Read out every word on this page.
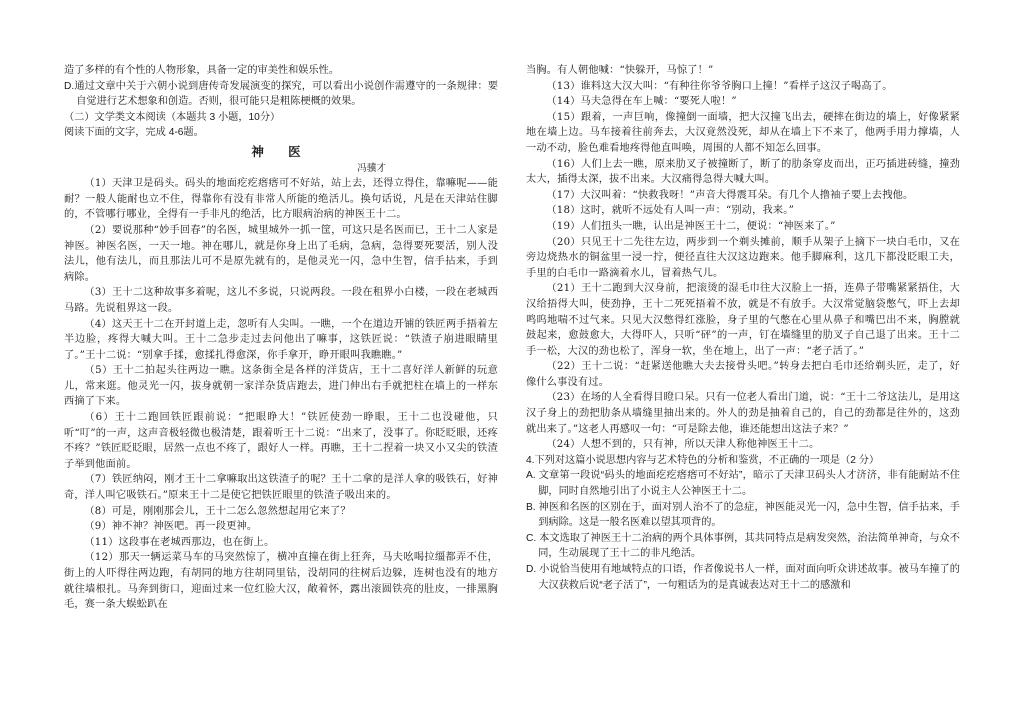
造了多样的有个性的人物形象，具备一定的审美性和娱乐性。

D.通过文章中关于六朝小说到唐传奇发展演变的探究，可以看出小说创作需遵守的一条规律：要自觉进行艺术想象和创造。否则，很可能只是粗陈梗概的效果。

（二）文学类文本阅读（本题共 3 小题，10分）

阅读下面的文字，完成 4-6题。

神 医

冯骥才

（1）天津卫是码头。码头的地面疙疙瘩瘩可不好站，站上去，还得立得住，靠嘛呢——能耐？一般人能耐也立不住，得靠你有没有非常人所能的绝活儿。换句话说，凡是在天津站住脚的，不管哪行哪业，全得有一手非凡的绝活，比方眼病治病的神医王十二。

（2）要说那种“妙手回春”的名医，城里城外一抓一筐，可这只是名医而已，王十二人家是神医。神医名医，一天一地。神在哪儿，就是你身上出了毛病，急病，急得要死要活，别人没法儿，他有法儿，而且那法儿可不是原先就有的，是他灵光一闪，急中生智，信手拈来，手到病除。

（3）王十二这种故事多着呢，这儿不多说，只说两段。一段在租界小白楼，一段在老城西马路。先说租界这一段。

（4）这天王十二在开封道上走，忽听有人尖叫。一瞧，一个在道边开铺的铁匠两手捂着左半边脸，疼得大喊大叫。王十二急步走过去问他出了嘛事，这铁匠说：“铁渣子崩进眼睛里了。”王十二说：“别拿手揉，愈揉扎得愈深，你手拿开，睁开眼叫我瞧瞧。”

（5）王十二拍起头往两边一瞧。这条街全是各样的洋货店，王十二喜好洋人新鲜的玩意儿，常来逛。他灵光一闪，拔身就朝一家洋杂货店跑去，进门伸出右手就把柱在墙上的一样东西摘了下来。

（6）王十二跑回铁匠跟前说：“把眼睁大！”铁匠使劲一睁眼，王十二也没碰他，只听“叮”的一声，这声音极轻微也极清楚，跟着听王十二说：“出来了，没事了。你眨眨眼，还疼不疼？”铁匠眨眨眼，居然一点也不疼了，跟好人一样。再瞧，王十二捏着一块又小又尖的铁渣子举到他面前。

（7）铁匠纳闷，刚才王十二拿嘛取出这铁渣子的呢？王十二拿的是洋人拿的吸铁石，好神奇，洋人叫它吸铁石。”原来王十二是使它把铁匠眼里的铁渣子吸出来的。

（8）可是，刚刚那会儿，王十二怎么忽然想起用它来了？

（9）神不神？神医吧。再一段更神。

（11）这段事在老城西那边，也在街上。

（12）那天一辆运菜马车的马突然惊了，横冲直撞在街上狂奔，马夫吆喝拉缰都弄不住，街上的人吓得往两边跑，有胡同的地方往胡同里钻，没胡同的往树后边躲，连树也没有的地方就往墙根扎。马奔到街口，迎面过来一位红脸大汉，敞着怀，露出滚圆铁亮的肚皮，一排黑胸毛，赛一条大蜈蚣趴在

当胸。有人朝他喊：“快躲开，马惊了！”

（13）谁料这大汉大叫：“有种往你爷爷胸口上撞！”看样子这汉子喝高了。

（14）马夫急得在车上喊：“要死人啦！”

（15）跟着，一声巨响，像撞倒一面墙，把大汉撞飞出去，硬摔在街边的墙上，好像紧紧地在墙上边。马车接着往前奔去，大汉竟然没死，却从在墙上下不来了，他两手用力撑墙，人一动不动，脸色难看地疼得他直叫唤，周围的人都不知怎么回事。

（16）人们上去一瞧，原来肋叉子被撞断了，断了的肋条穿皮而出，正巧插进砖缝，撞劲太大，插得太深，拔不出来。大汉痛得急得大喊大叫。

（17）大汉叫着：“快救我呀！”声音大得震耳朵。有几个人撸袖子要上去拽他。

（18）这时，就听不远处有人叫一声：“别动，我来。”

（19）人们扭头一瞧，认出是神医王十二，便说：“神医来了。”

（20）只见王十二先往左边，两步到一个剃头摊前，顺手从架子上摘下一块白毛巾，又在旁边烧热水的铜盆里一浸一拧，便径直往大汉这边跑来。他手脚麻利，这几下都没眨眼工夫，手里的白毛巾一路滴着水儿，冒着热气儿。

（21）王十二跑到大汉身前，把滚烫的湿毛巾往大汉脸上一捂，连鼻子带嘴紧紧捂住，大汉给捂得大叫，使劲挣，王十二死死捂着不放，就是不有放手。大汉常觉脑袋憋气，吓上去却鸣呜地喘不过气来。只见大汉憋得红涨脸，身子里的气憋在心里从鼻子和嘴巴出不来，胸膛就鼓起来，愈鼓愈大，大得吓人，只听“砰”的一声，钉在墙缝里的肋叉子自己退了出来。王十二手一松，大汉的劲也松了，浑身一软，坐在地上，出了一声：“老子活了。”

（22）王十二说：“赶紧送他瞧大夫去接骨头吧。”转身去把白毛巾还给剃头匠，走了，好像什么事没有过。

（23）在场的人全看得目瞪口呆。只有一位老人看出门道，说：“王十二爷这法儿，是用这汉子身上的劲把肋条从墙缝里抽出来的。外人的劲是抽着自己的，自己的劲都是往外的，这劲就出来了。”这老人再感叹一句：“可是除去他，谁还能想出这法子来？”

（24）人想不到的，只有神，所以天津人称他神医王十二。

4.下列对这篇小说思想内容与艺术特色的分析和鉴赏，不正确的一项是（2 分）

A. 文章第一段说“码头的地面疙疙瘩瘩可不好站”，暗示了天津卫码头人才济济，非有能耐站不住脚，同时自然地引出了小说主人公神医王十二。

B. 神医和名医的区别在于，面对别人治不了的急症，神医能灵光一闪，急中生智，信手拈来，手到病除。这是一般名医难以望其项背的。

C. 本文选取了神医王十二治病的两个具体事例，其共同特点是病发突然，治法简单神奇，与众不同，生动展现了王十二的非凡绝活。

D. 小说恰当使用有地域特点的口语，作者像说书人一样，面对面向听众讲述故事。被马车撞了的大汉获救后说“老子活了”，一句粗话为的是真诚表达对王十二的感激和
